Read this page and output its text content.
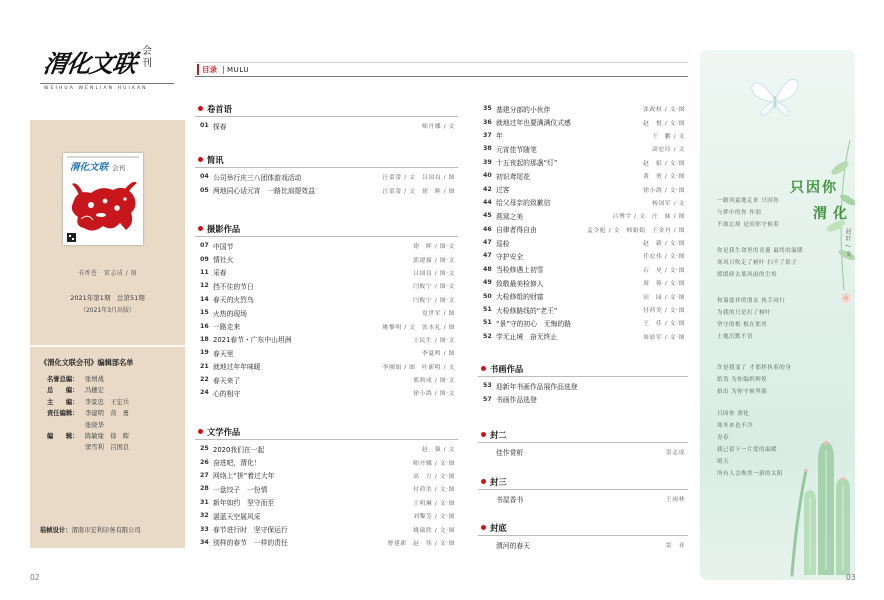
渭化文联 会刊
WEIHUA WENLIAN HUIKAN
渭化文联 会刊
书香苍　雷志成 / 图
2021年第1期　总第51期
（2021年3月出版）
《渭化文联会刊》编辑部名单
名誉总编：	张增战
总　　编：	冯穗宏
主　　编：	李景忠　王宏兵
责任编辑：	李建明　黄　勇
张晓华
编　　辑：	陈敏缘　徐　晖
窦雪利　吕国良
装帧设计：渭南市宏利印务有限公司
02
目录	MULU
卷首语
01 探春	师丹娜 / 文
简讯
04 公司举行庆三八团体游戏活动	汪蕾蕾 / 文　吕国良 / 图
05 两地同心话元宵　一路比肩提效益	汪蕾蕾 / 文　徐　晖 / 图
摄影作品
07 中国节	徐　晖 / 图·文
09 情社火	郭建强 / 图·文
11 采春	吕国良 / 图·文
12 挡不住的节日	闫攸宁 / 图·文
14 春天的火烈鸟	闫攸宁 / 图·文
15 火热的现场	党世军 / 图
16 一路走来	姚黎明 / 文　张水礼 / 图
18 2021春节・广东中山坦洲	王民生 / 图·文
19 春天里	李夏鸣 / 图
21 就地过年年味暖	李刚娟 / 图　叶新明 / 文
22 春天来了	邢莉成 / 图·文
24 心的相守	徐小鸽 / 图·文
文学作品
25 2020我们在一起	赵　强 / 文
26 奋进吧，渭化！	师丹娜 / 文·图
27 网络上“拼”着过大年	高　方 / 文·图
28 一盘饺子　一份情	付荷美 / 文·图
31 新年如约　坚守而至	王明琳 / 文·图
32 湛蓝天空展风采	刘黎芳 / 文·图
33 春节进行时　坚守保运行	姚瑞欣 / 文·图
34 别样的春节　一样的责任	曹建新　赵　伟 / 文·图
35 基建分部的小伙伴	张政权 / 文·图
36 就地过年也要满满仪式感	赵　悦 / 文·图
37 年	王　鹏 / 文
38 元宵佳节随笔	高宏玲 / 文
39 十五夜起的那盏“灯”	赵　娟 / 文·图
40 初识鸢尾花	黄　勇 / 文·图
42 过客	徐小鸽 / 文·图
44 给父母亲的致歉信	杨国军 / 文
45 燕窝之美	吕博宇 / 文　庄　妹 / 图
46 自律者得自由	孟令彪 / 文　师娟娟　王金丹 / 图
47 巡检	赵　新 / 文·图
47 守护安全	任宏伟 / 文·图
48 当检修遇上初雪	石　昊 / 文·图
49 致敬最美检修人	周　蓉 / 文·图
50 大检修组的财富	田　园 / 文·图
51 大检修路线的“老王”	付荷美 / 文·图
51 “景”守的初心　无悔的路	王　佳 / 文·图
52 学无止境　奋无终止	周晨军 / 文·图
书画作品
53 迎新年书画作品展作品选登
57 书画作品选登
封二
佳作赏析	雷志成
封三
书屋香书	王雨林
封底
渭河的春天	雷　亚
只因你
渭化
赵轩 / 文
一路风霜地走来 只因你
与梦中的你 作别
不敢忘却 是因你守候着
你是我生命里的青葱 最终的温暖
寒风只吹走了树叶 扫不了影子
缓缓卸去那风雨的尘埃
和蔼慈祥的朋友 执手同行
为我的只是打了树叶
坚守的根 根在那里
土地沉默不语
许是我变了 才那样执着的身
纸货 为你编织辉煌
拾出 为你守候坚强
只因你 渭化
寒冬来也不冷
青春
我已留下一片爱的温暖
明天
所有人会焕然一新的太阳
03
